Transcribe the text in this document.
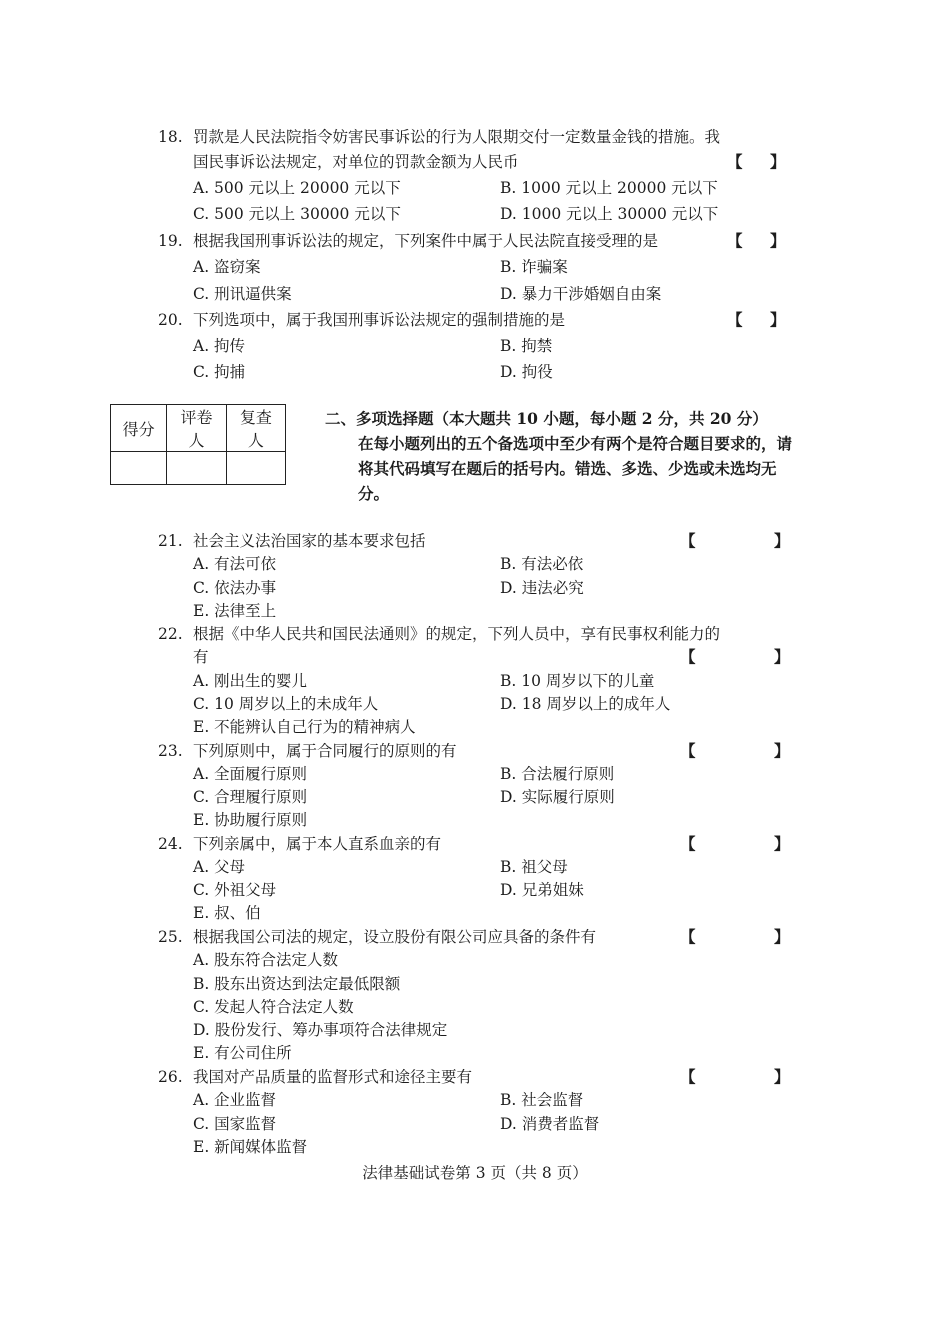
18. 罚款是人民法院指令妨害民事诉讼的行为人限期交付一定数量金钱的措施。我
国民事诉讼法规定，对单位的罚款金额为人民币	【 】
A. 500 元以上 20000 元以下	B. 1000 元以上 20000 元以下
C. 500 元以上 30000 元以下	D. 1000 元以上 30000 元以下
19. 根据我国刑事诉讼法的规定，下列案件中属于人民法院直接受理的是	【 】
A. 盗窃案	B. 诈骗案
C. 刑讯逼供案	D. 暴力干涉婚姻自由案
20. 下列选项中，属于我国刑事诉讼法规定的强制措施的是	【 】
A. 拘传	B. 拘禁
C. 拘捕	D. 拘役
得分	评卷人	复查人

二、多项选择题（本大题共 10 小题，每小题 2 分，共 20 分）
在每小题列出的五个备选项中至少有两个是符合题目要求的，请将其代码填写在题后的括号内。错选、多选、少选或未选均无分。
21. 社会主义法治国家的基本要求包括	【	】
A. 有法可依	B. 有法必依
C. 依法办事	D. 违法必究
E. 法律至上
22. 根据《中华人民共和国民法通则》的规定，下列人员中，享有民事权利能力的
有	【	】
A. 刚出生的婴儿	B. 10 周岁以下的儿童
C. 10 周岁以上的未成年人	D. 18 周岁以上的成年人
E. 不能辨认自己行为的精神病人
23. 下列原则中，属于合同履行的原则的有	【	】
A. 全面履行原则	B. 合法履行原则
C. 合理履行原则	D. 实际履行原则
E. 协助履行原则
24. 下列亲属中，属于本人直系血亲的有	【	】
A. 父母	B. 祖父母
C. 外祖父母	D. 兄弟姐妹
E. 叔、伯
25. 根据我国公司法的规定，设立股份有限公司应具备的条件有	【	】
A. 股东符合法定人数
B. 股东出资达到法定最低限额
C. 发起人符合法定人数
D. 股份发行、筹办事项符合法律规定
E. 有公司住所
26. 我国对产品质量的监督形式和途径主要有	【	】
A. 企业监督	B. 社会监督
C. 国家监督	D. 消费者监督
E. 新闻媒体监督
法律基础试卷第 3 页（共 8 页）
